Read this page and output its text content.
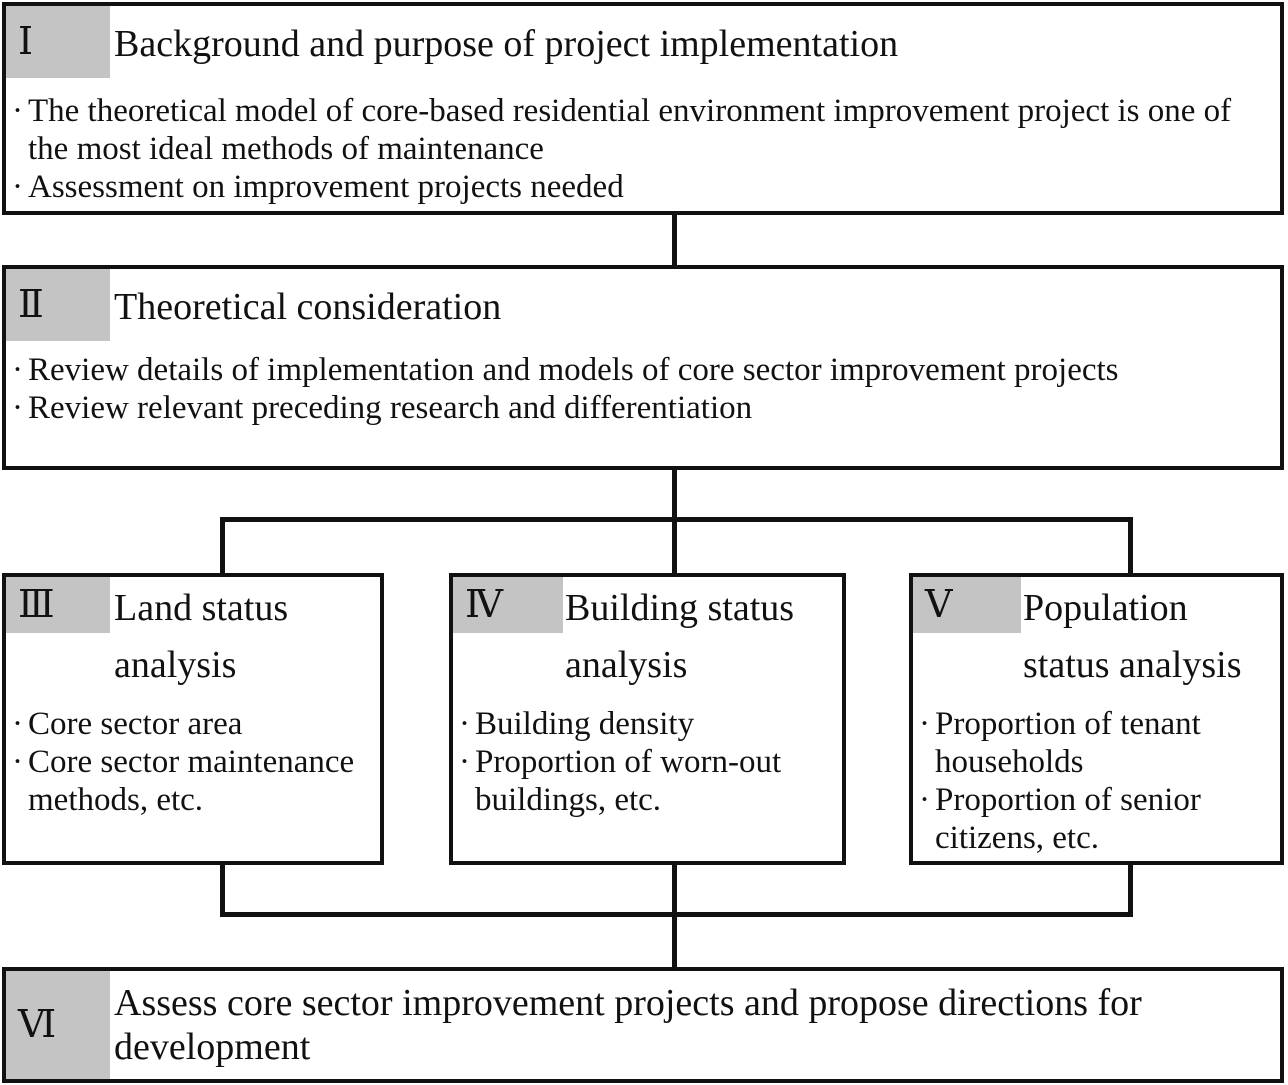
Ⅰ	Background and purpose of project implementation
· The theoretical model of core-based residential environment improvement project is one of the most ideal methods of maintenance
· Assessment on improvement projects needed
Ⅱ	Theoretical consideration
· Review details of implementation and models of core sector improvement projects
· Review relevant preceding research and differentiation
Ⅲ	Land status
analysis
· Core sector area
· Core sector maintenance methods, etc.
Ⅳ	Building status
analysis
· Building density
· Proportion of worn-out buildings, etc.
Ⅴ	Population
status analysis
· Proportion of tenant households
· Proportion of senior citizens, etc.
Ⅵ
Assess core sector improvement projects and propose directions for development
